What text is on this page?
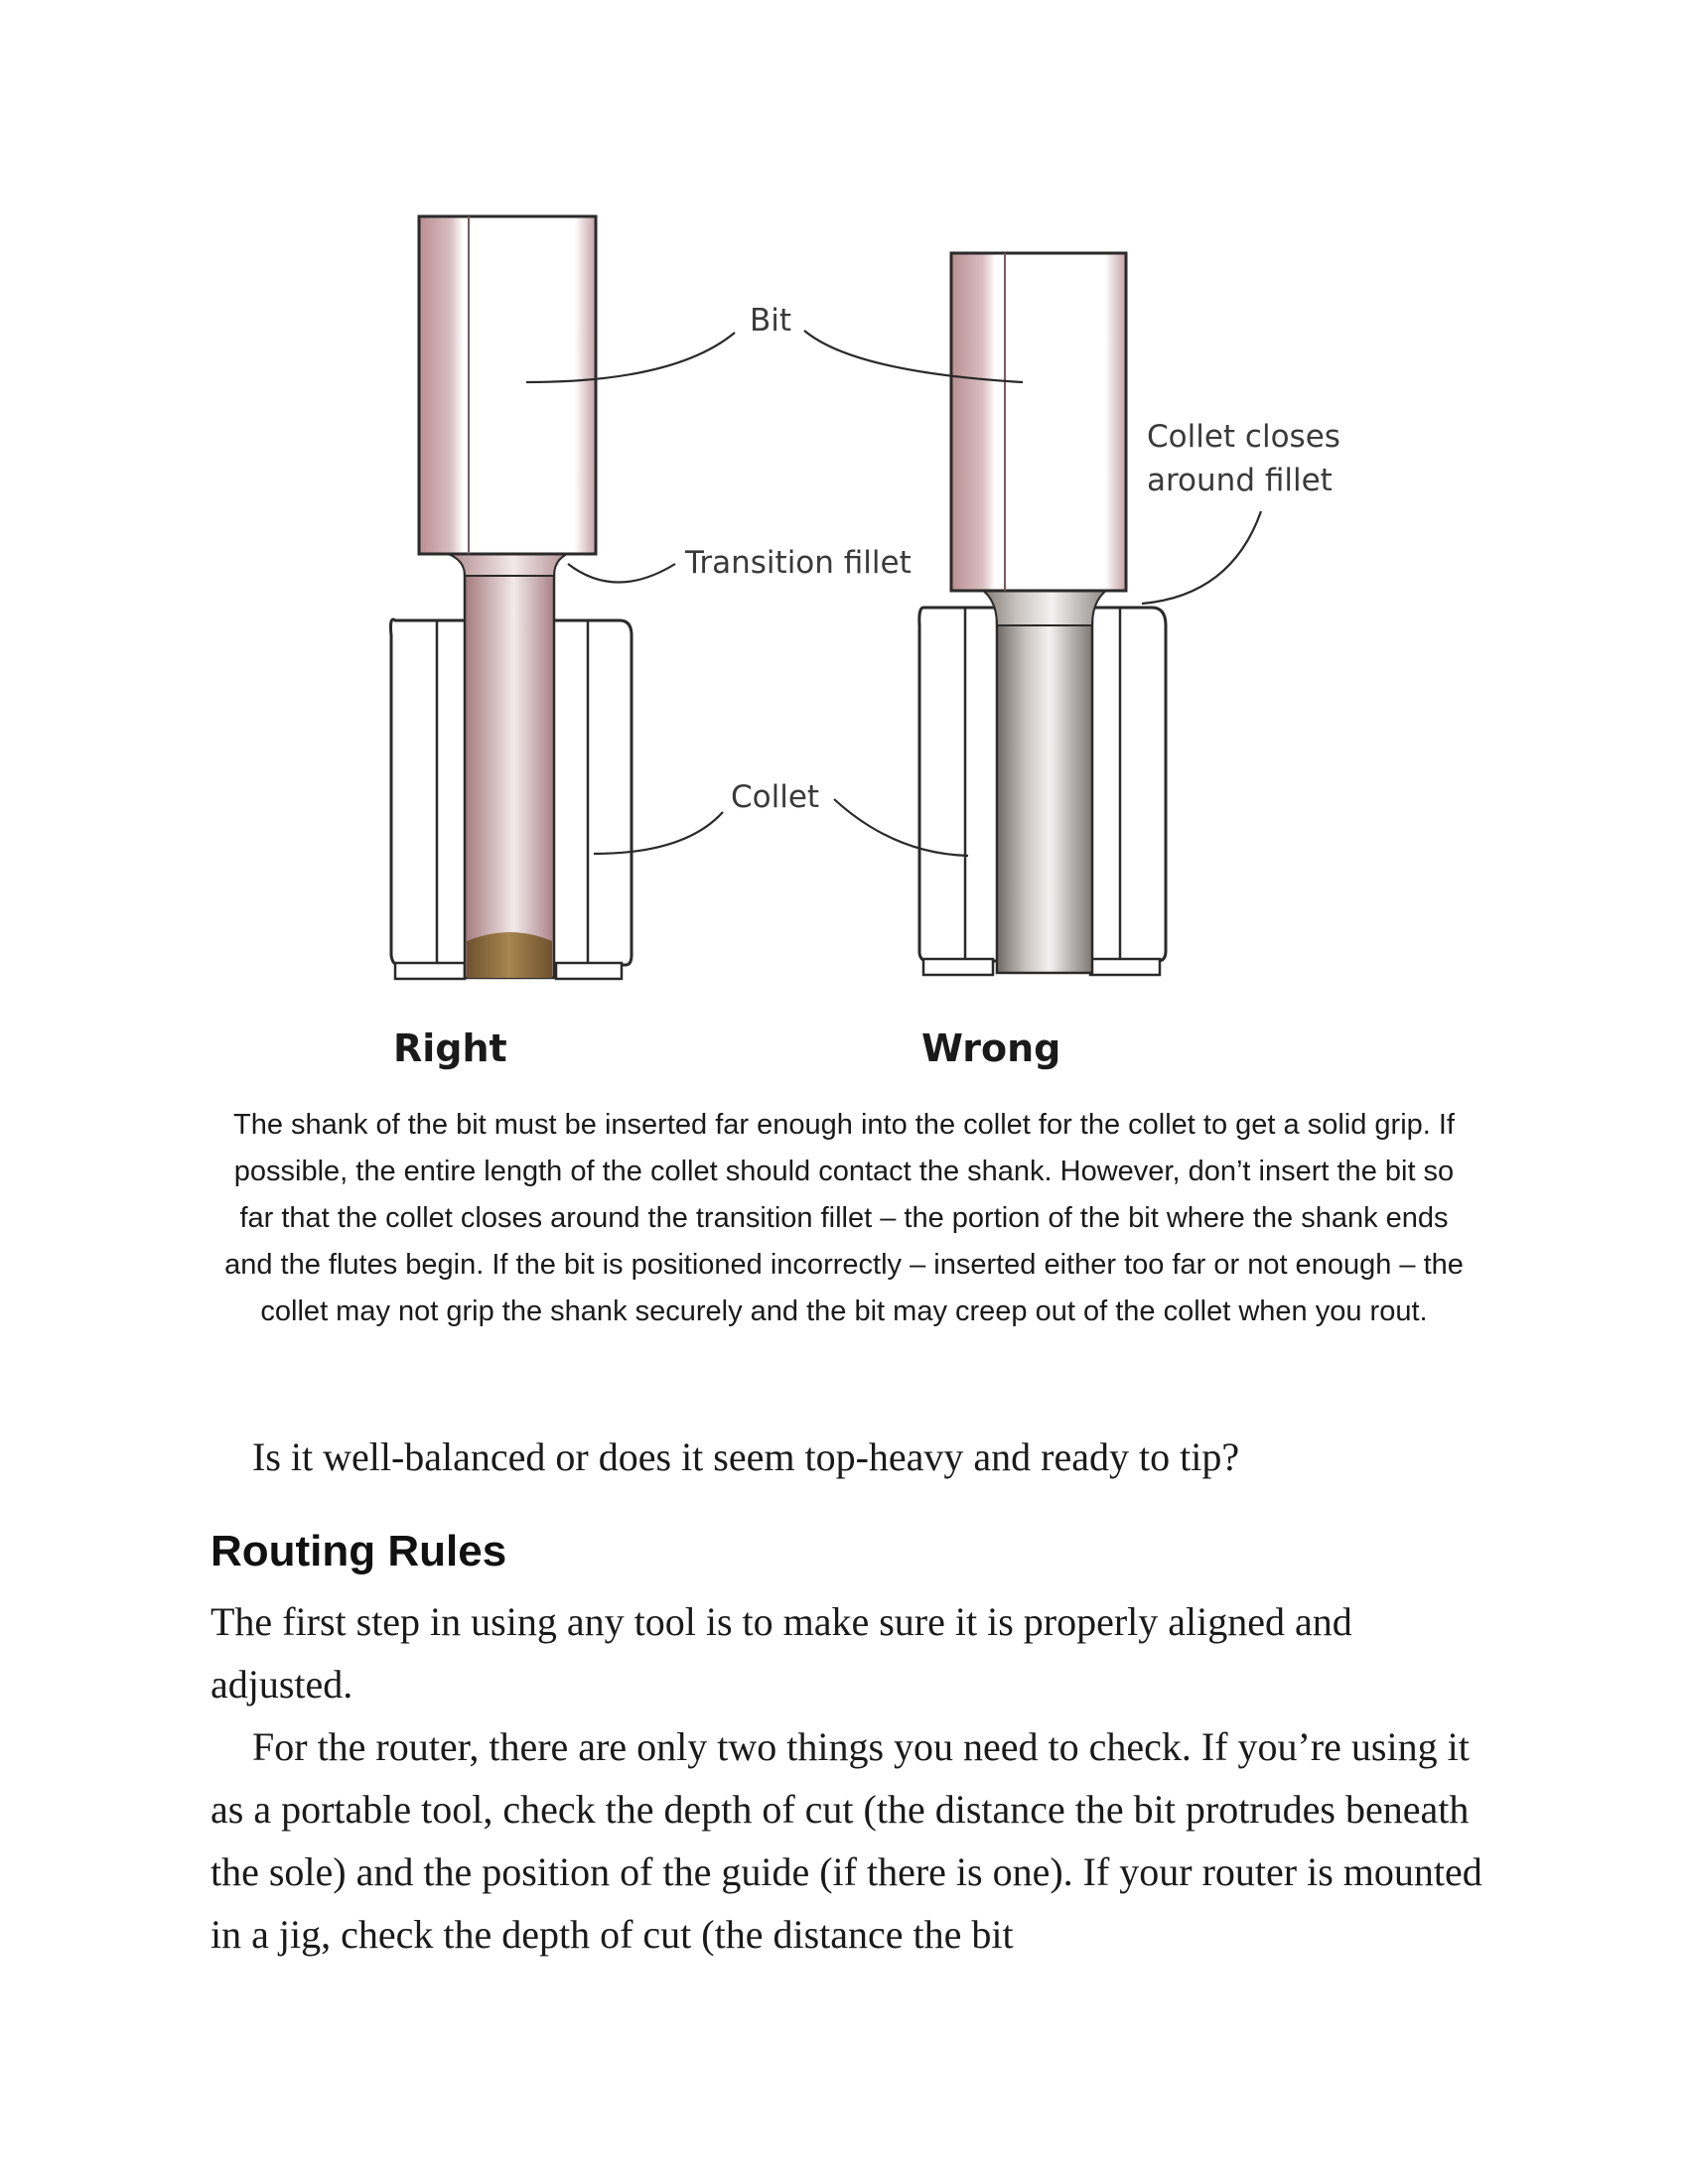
Bit
Collet closes around fillet
Transition fillet
Collet
Right	Wrong
The shank of the bit must be inserted far enough into the collet for the collet to get a solid grip. If possible, the entire length of the collet should contact the shank. However, don’t insert the bit so far that the collet closes around the transition fillet – the portion of the bit where the shank ends and the flutes begin. If the bit is positioned incorrectly – inserted either too far or not enough – the collet may not grip the shank securely and the bit may creep out of the collet when you rout.
Is it well-balanced or does it seem top-heavy and ready to tip?
Routing Rules
The first step in using any tool is to make sure it is properly aligned and adjusted.
For the router, there are only two things you need to check. If you’re using it as a portable tool, check the depth of cut (the distance the bit protrudes beneath the sole) and the position of the guide (if there is one). If your router is mounted in a jig, check the depth of cut (the distance the bit
